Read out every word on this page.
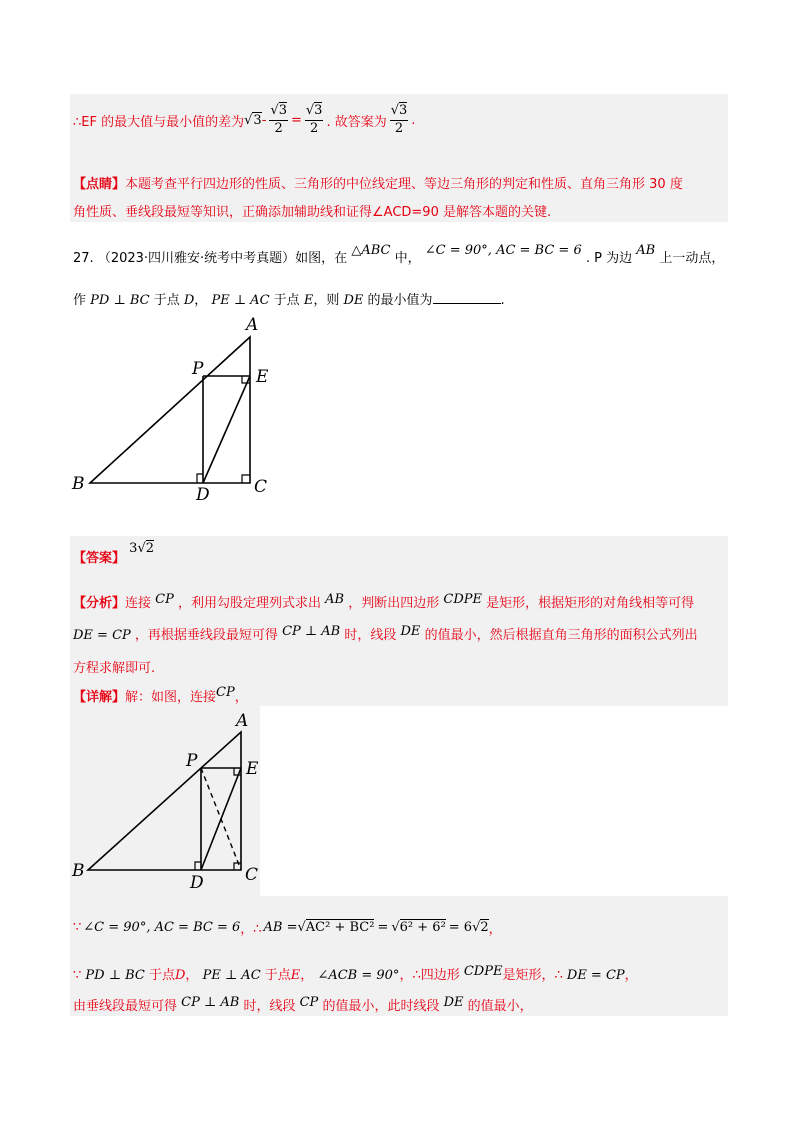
∴EF 的最大值与最小值的差为 $√3 - \frac{√3}{2} = \frac{√3}{2}$ . 故答案为 $\frac{√3}{2}$ .
【点睛】本题考查平行四边形的性质、三角形的中位线定理、等边三角形的判定和性质、直角三角形 30 度
角性质、垂线段最短等知识，正确添加辅助线和证得∠ACD=90 是解答本题的关键.
27. （2023·四川雅安·统考中考真题）如图，在 △ABC 中， ∠C = 90°, AC = BC = 6 . P 为边 AB 上一动点，
作 PD ⊥ BC 于点 D， PE ⊥ AC 于点 E，则 DE 的最小值为	.
A
B	C
D
E
P
【答案】 3√2
【分析】连接 CP ，利用勾股定理列式求出 AB ，判断出四边形 CDPE 是矩形，根据矩形的对角线相等可得
DE = CP ，再根据垂线段最短可得 CP ⊥ AB 时，线段 DE 的值最小，然后根据直角三角形的面积公式列出
方程求解即可.
【详解】解：如图，连接CP，
A
B	C
D
E
P
∵ ∠C = 90°, AC = BC = 6 ，∴ AB = √AC² + BC² = √6² + 6² = 6 √2 ，
∵ PD ⊥ BC 于点D， PE ⊥ AC 于点E， ∠ACB = 90°，∴四边形 CDPE是矩形，∴ DE = CP，
由垂线段最短可得 CP ⊥ AB 时，线段 CP 的值最小，此时线段 DE 的值最小，
